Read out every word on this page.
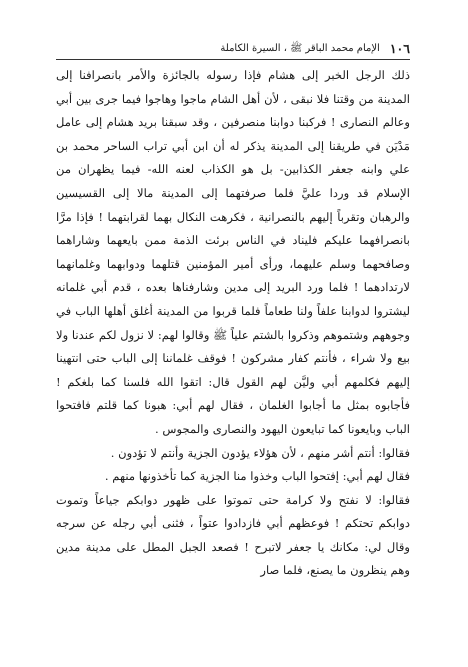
١٠٦
الإمام محمد الباقر ﷺ ، السيرة الكاملة

ذلك الرجل الخبر إلى هشام فإذا رسوله بالجائزة والأمر بانصرافنا إلى المدينة من وقتنا فلا نبقى ، لأن أهل الشام ماجوا وهاجوا فيما جرى بين أبي وعالم النصارى ! فركبنا دوابنا منصرفين ، وقد سبقنا بريد هشام إلى عامل مَدْيَن في طريقنا إلى المدينة يذكر له أن ابن أبي تراب الساحر محمد بن علي وابنه جعفر الكذابين- بل هو الكذاب لعنه الله- فيما يظهران من الإسلام قد وردا عليَّ فلما صرفتهما إلى المدينة مالا إلى القسيسين والرهبان وتقرباً إليهم بالنصرانية ، فكرهت النكال بهما لقرابتهما ! فإذا مرَّا بانصرافهما عليكم فليناد في الناس برئت الذمة ممن بايعهما وشاراهما وصافحهما وسلم عليهما، ورأى أمير المؤمنين قتلهما ودوابهما وغلمانهما لارتدادهما ! فلما ورد البريد إلى مدين وشارفناها بعده ، قدم أبي غلمانه ليشتروا لدوابنا علفاً ولنا طعاماً فلما قربوا من المدينة أغلق أهلها الباب في وجوههم وشتموهم وذكروا بالشتم علياً ﷺ وقالوا لهم: لا نزول لكم عندنا ولا بيع ولا شراء ، فأنتم كفار مشركون ! فوقف غلماننا إلى الباب حتى انتهينا إليهم فكلمهم أبي وليَّن لهم القول قال: اتقوا الله فلسنا كما بلغكم ! فأجابوه بمثل ما أجابوا الغلمان ، فقال لهم أبي: هبونا كما قلتم فافتحوا الباب وبايعونا كما تبايعون اليهود والنصارى والمجوس .

فقالوا: أنتم أشر منهم ، لأن هؤلاء يؤدون الجزية وأنتم لا تؤدون .

فقال لهم أبي: إفتحوا الباب وخذوا منا الجزية كما تأخذونها منهم .

فقالوا: لا نفتح ولا كرامة حتى تموتوا على ظهور دوابكم جياعاً وتموت دوابكم تحتكم ! فوعظهم أبي فازدادوا عتواً ، فثنى أبي رجله عن سرجه وقال لي: مكانك يا جعفر لاتبرح ! فصعد الجبل المطل على مدينة مدين وهم ينظرون ما يصنع، فلما صار
